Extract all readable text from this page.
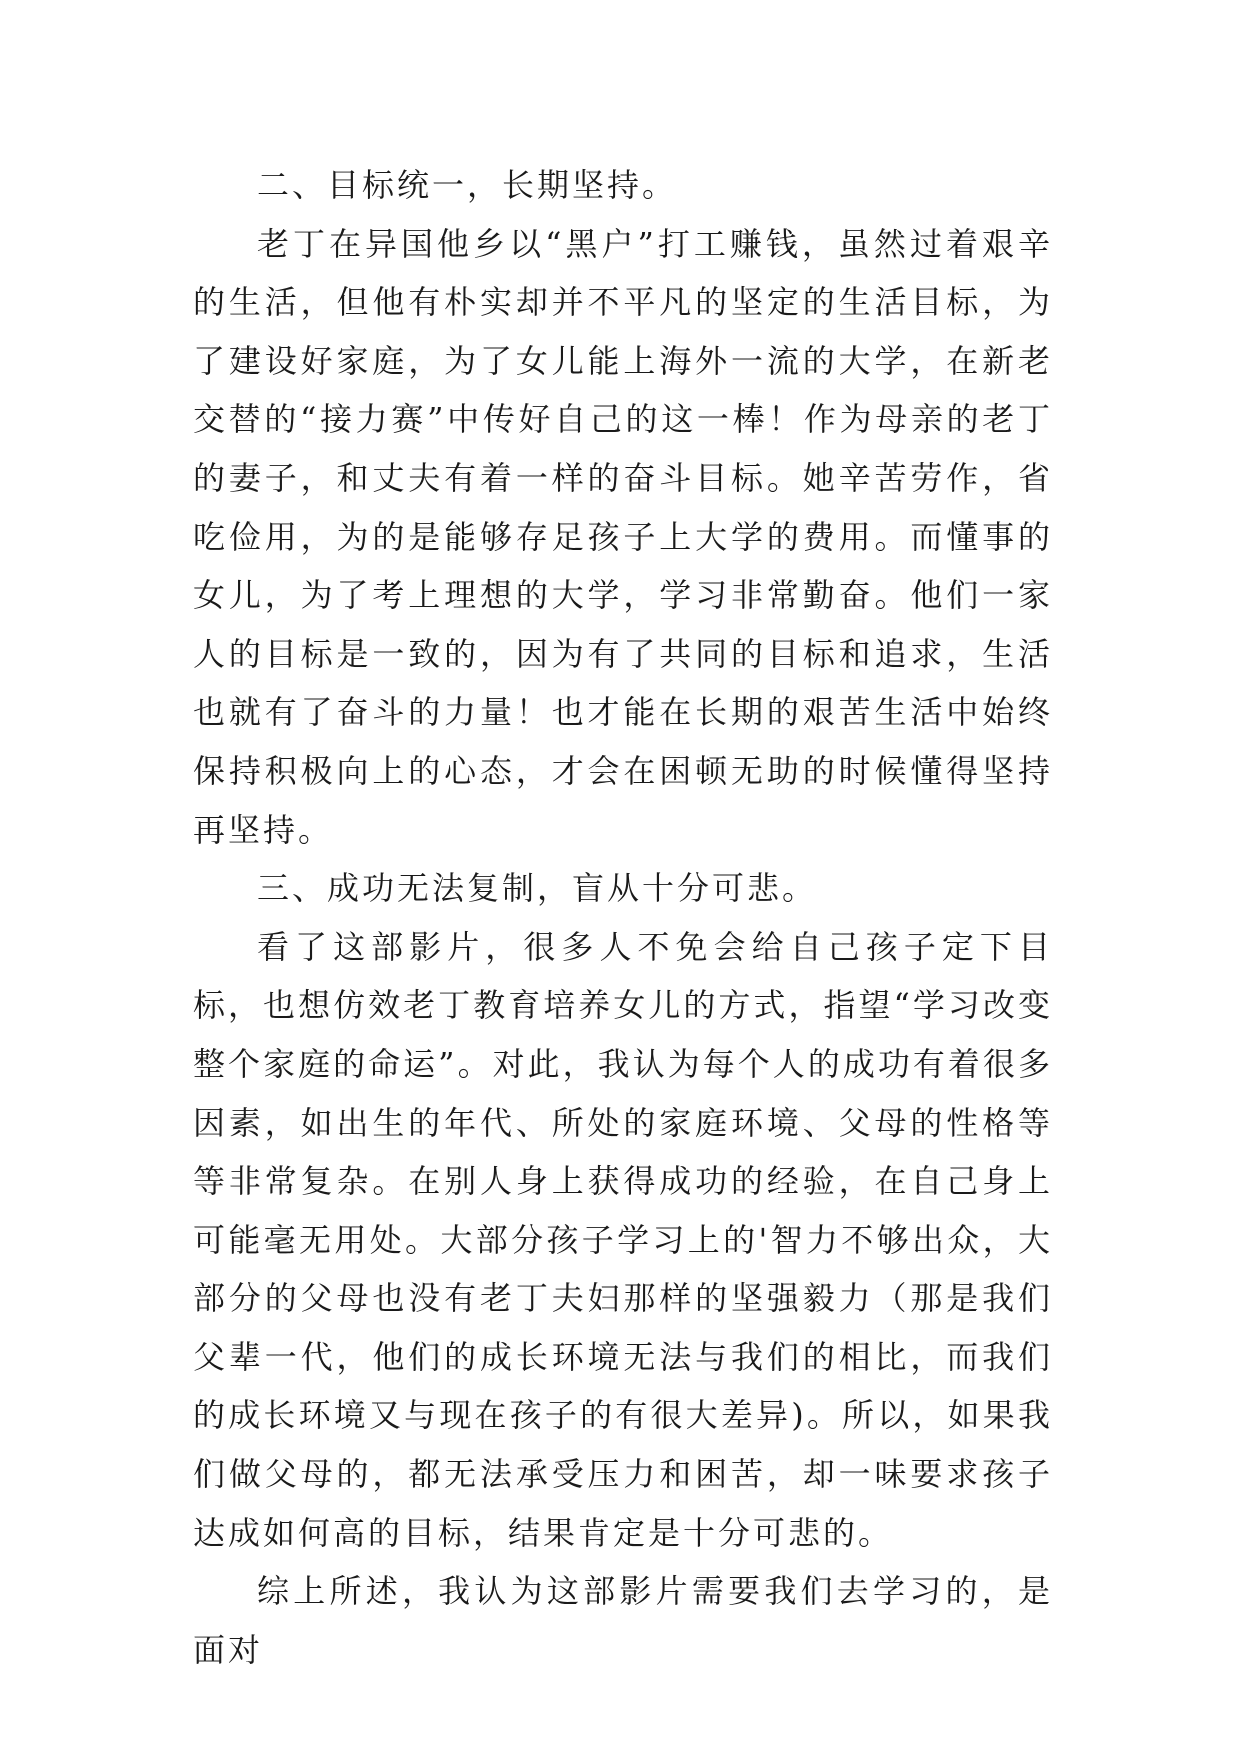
二、目标统一，长期坚持。

老丁在异国他乡以“黑户”打工赚钱，虽然过着艰辛的生活，但他有朴实却并不平凡的坚定的生活目标，为了建设好家庭，为了女儿能上海外一流的大学，在新老交替的“接力赛”中传好自己的这一棒！作为母亲的老丁的妻子，和丈夫有着一样的奋斗目标。她辛苦劳作，省吃俭用，为的是能够存足孩子上大学的费用。而懂事的女儿，为了考上理想的大学，学习非常勤奋。他们一家人的目标是一致的，因为有了共同的目标和追求，生活也就有了奋斗的力量！也才能在长期的艰苦生活中始终保持积极向上的心态，才会在困顿无助的时候懂得坚持再坚持。

三、成功无法复制，盲从十分可悲。

看了这部影片，很多人不免会给自己孩子定下目标，也想仿效老丁教育培养女儿的方式，指望“学习改变整个家庭的命运”。对此，我认为每个人的成功有着很多因素，如出生的年代、所处的家庭环境、父母的性格等等非常复杂。在别人身上获得成功的经验，在自己身上可能毫无用处。大部分孩子学习上的'智力不够出众，大部分的父母也没有老丁夫妇那样的坚强毅力（那是我们父辈一代，他们的成长环境无法与我们的相比，而我们的成长环境又与现在孩子的有很大差异)。所以，如果我们做父母的，都无法承受压力和困苦，却一味要求孩子达成如何高的目标，结果肯定是十分可悲的。

综上所述，我认为这部影片需要我们去学习的，是面对
